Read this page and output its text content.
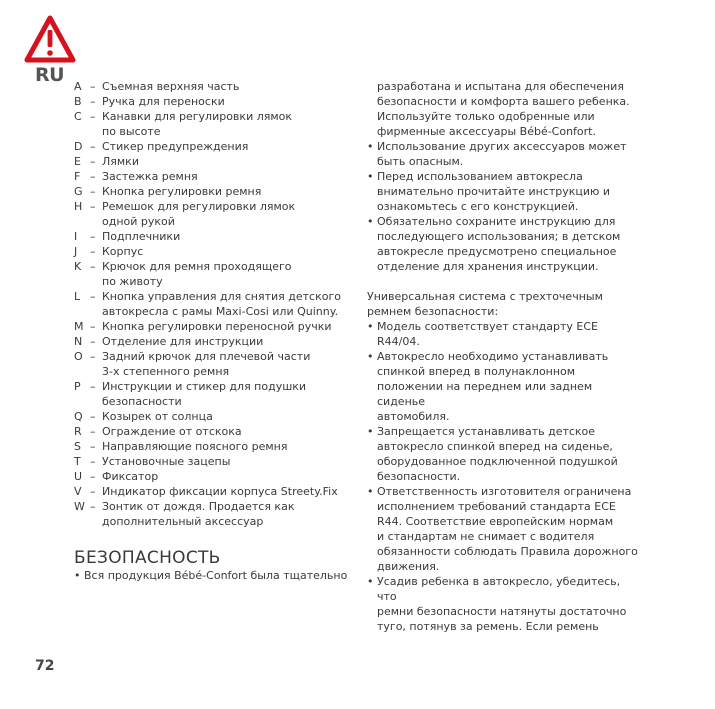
RU
A – Съемная верхняя часть
B – Ручка для переноски
C – Канавки для регулировки лямок
по высоте
D – Стикер предупреждения
E – Лямки
F – Застежка ремня
G – Кнопка регулировки ремня
H – Ремешок для регулировки лямок
одной рукой
I	– Подплечники
J	– Корпус
K – Крючок для ремня проходящего
по животу
L – Кнопка управления для снятия детского
автокресла с рамы Maxi-Cosi или Quinny.
M – Кнопка регулировки переносной ручки
N – Отделение для инструкции
O – Задний крючок для плечевой части
3-х степенного ремня
P – Инструкции и стикер для подушки
безопасности
Q – Козырек от солнца
R – Ограждение от отскока
S – Направляющие поясного ремня
T – Установочные зацепы
U – Фиксатор
V – Индикатор фиксации корпуса Streety.Fix
W – Зонтик от дождя. Продается как
дополнительный аксессуар
БЕЗОПАСНОСТЬ
• Вся продукция Bébé-Confort была тщательно
разработана и испытана для обеспечения
безопасности и комфорта вашего ребенка.
Используйте только одобренные или
фирменные аксессуары Bébé-Confort.
• Использование других аксессуаров может
быть опасным.
• Перед использованием автокресла
внимательно прочитайте инструкцию и
ознакомьтесь с его конструкцией.
• Обязательно сохраните инструкцию для
последующего использования; в детском
автокресле предусмотрено специальное
отделение для хранения инструкции.
Универсальная система с трехточечным
ремнем безопасности:
• Модель соответствует стандарту ECE R44/04.
• Автокресло необходимо устанавливать
спинкой вперед в полунаклонном
положении на переднем или заднем сиденье
автомобиля.
• Запрещается устанавливать детское
автокресло спинкой вперед на сиденье,
оборудованное подключенной подушкой
безопасности.
• Ответственность изготовителя ограничена
исполнением требований стандарта ECE
R44. Соответствие европейским нормам
и стандартам не снимает с водителя
обязанности соблюдать Правила дорожного
движения.
• Усадив ребенка в автокресло, убедитесь, что
ремни безопасности натянуты достаточно
туго, потянув за ремень. Если ремень
72
